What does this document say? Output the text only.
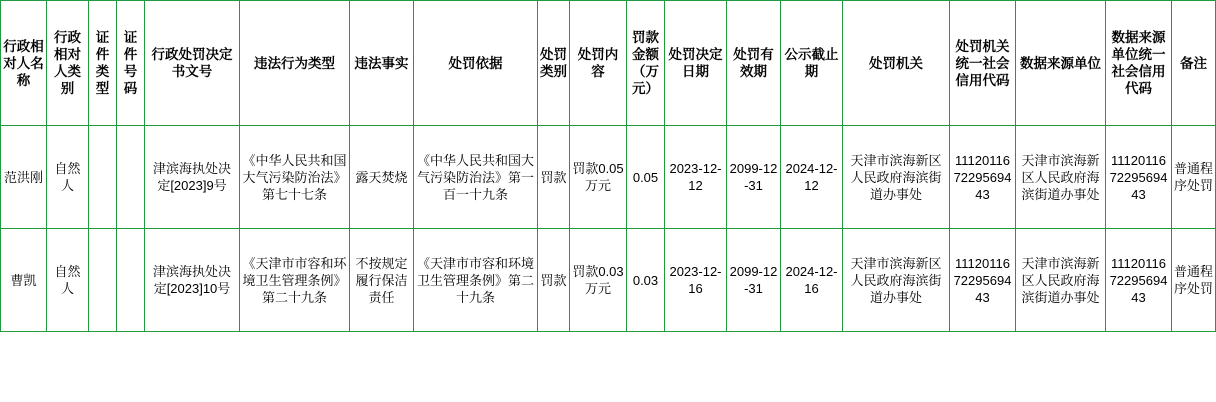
行政相对人名称	行政相对人类别	证件类型	证件号码	行政处罚决定书文号	违法行为类型	违法事实	处罚依据	处罚类别	处罚内容	罚款金额（万元）	处罚决定日期	处罚有效期	公示截止期	处罚机关	处罚机关统一社会信用代码	数据来源单位	数据来源单位统一社会信用代码	备注
范洪刚	自然人			津滨海执处决定[2023]9号	《中华人民共和国大气污染防治法》第七十七条	露天焚烧	《中华人民共和国大气污染防治法》第一百一十九条	罚款	罚款0.05万元	0.05	2023-12-12	2099-12-31	2024-12-12	天津市滨海新区人民政府海滨街道办事处	111201167229569443	天津市滨海新区人民政府海滨街道办事处	111201167229569443	普通程序处罚
曹凯	自然人			津滨海执处决定[2023]10号	《天津市市容和环境卫生管理条例》第二十九条	不按规定履行保洁责任	《天津市市容和环境卫生管理条例》第二十九条	罚款	罚款0.03万元	0.03	2023-12-16	2099-12-31	2024-12-16	天津市滨海新区人民政府海滨街道办事处	111201167229569443	天津市滨海新区人民政府海滨街道办事处	111201167229569443	普通程序处罚
